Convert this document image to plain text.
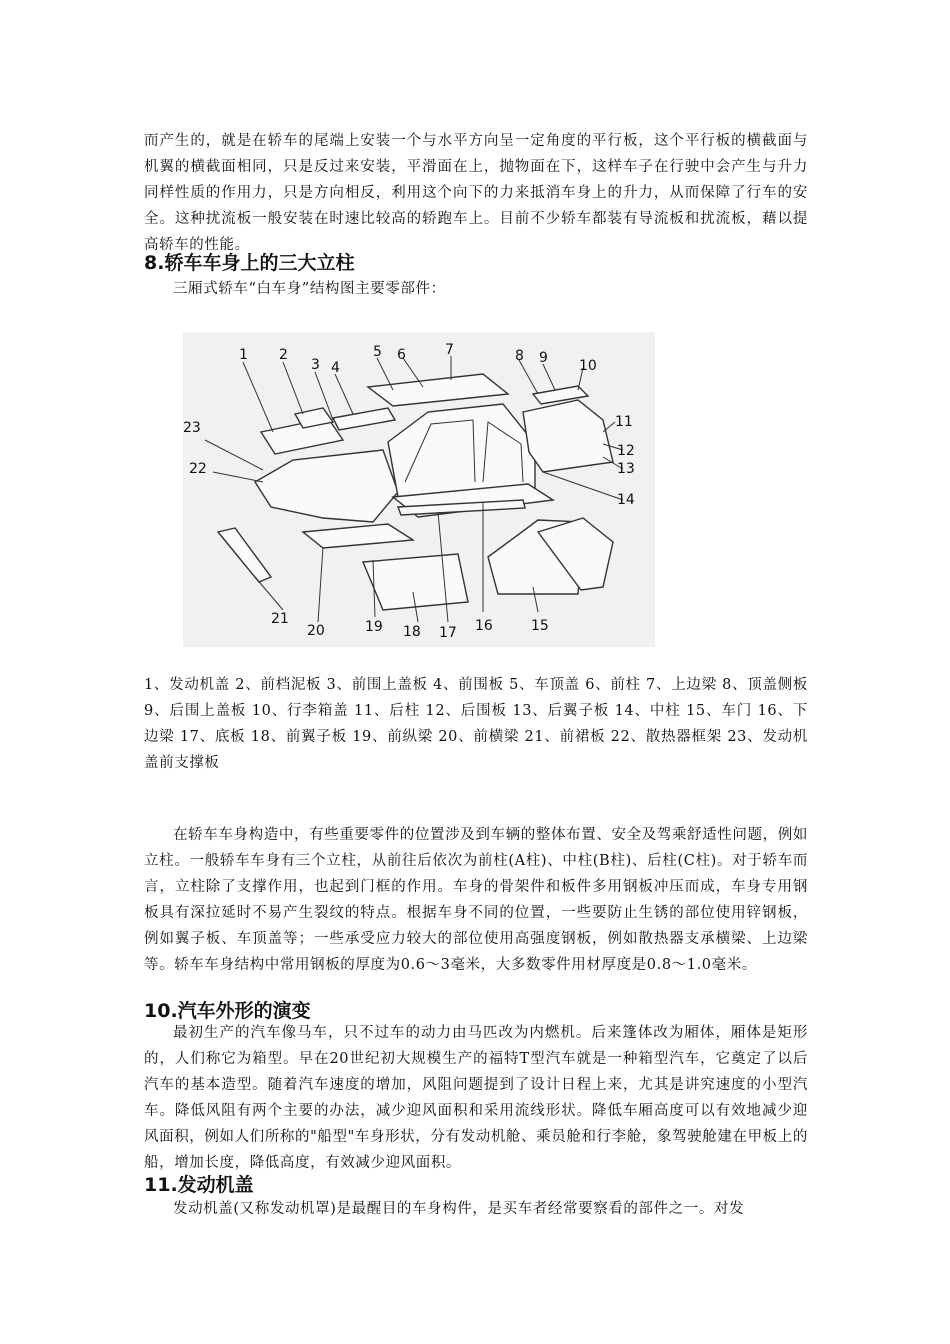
而产生的，就是在轿车的尾端上安装一个与水平方向呈一定角度的平行板，这个平行板的横截面与机翼的横截面相同，只是反过来安装，平滑面在上，抛物面在下，这样车子在行驶中会产生与升力同样性质的作用力，只是方向相反，利用这个向下的力来抵消车身上的升力，从而保障了行车的安全。这种扰流板一般安装在时速比较高的轿跑车上。目前不少轿车都装有导流板和扰流板，藉以提高轿车的性能。

8.轿车车身上的三大立柱

三厢式轿车“白车身”结构图主要零部件：

1 2
3 4
5 6	7	8 9 10
11
12
13
14
15
16
17
18
19
20
21
22
23

1、发动机盖 2、前档泥板 3、前围上盖板 4、前围板 5、车顶盖 6、前柱 7、上边梁 8、顶盖侧板 9、后围上盖板 10、行李箱盖 11、后柱 12、后围板 13、后翼子板 14、中柱 15、车门 16、下边梁 17、底板 18、前翼子板 19、前纵梁 20、前横梁 21、前裙板 22、散热器框架 23、发动机盖前支撑板

在轿车车身构造中，有些重要零件的位置涉及到车辆的整体布置、安全及驾乘舒适性问题，例如立柱。一般轿车车身有三个立柱，从前往后依次为前柱(A柱)、中柱(B柱)、后柱(C柱)。对于轿车而言，立柱除了支撑作用，也起到门框的作用。车身的骨架件和板件多用钢板冲压而成，车身专用钢板具有深拉延时不易产生裂纹的特点。根据车身不同的位置，一些要防止生锈的部位使用锌钢板，例如翼子板、车顶盖等；一些承受应力较大的部位使用高强度钢板，例如散热器支承横梁、上边梁等。轿车车身结构中常用钢板的厚度为0.6～3毫米，大多数零件用材厚度是0.8～1.0毫米。

10.汽车外形的演变

最初生产的汽车像马车，只不过车的动力由马匹改为内燃机。后来篷体改为厢体，厢体是矩形的，人们称它为箱型。早在20世纪初大规模生产的福特T型汽车就是一种箱型汽车，它奠定了以后汽车的基本造型。随着汽车速度的增加，风阻问题提到了设计日程上来，尤其是讲究速度的小型汽车。降低风阻有两个主要的办法，减少迎风面积和采用流线形状。降低车厢高度可以有效地减少迎风面积，例如人们所称的"船型"车身形状，分有发动机舱、乘员舱和行李舱，象驾驶舱建在甲板上的船，增加长度，降低高度，有效减少迎风面积。

11.发动机盖

发动机盖(又称发动机罩)是最醒目的车身构件，是买车者经常要察看的部件之一。对发
